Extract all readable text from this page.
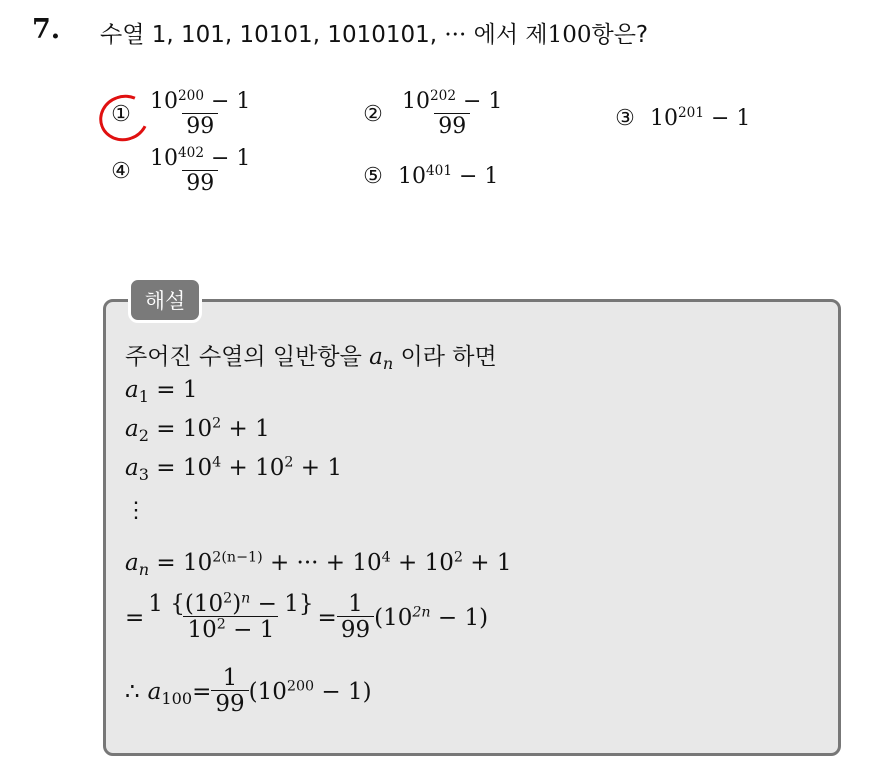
7. 수열 1, 101, 10101, 1010101, ··· 에서 제100항은?
① $\frac{10^{200} - 1}{99}$	② $\frac{10^{202} - 1}{99}$	③ $10^{201} - 1$
④ $\frac{10^{402} - 1}{99}$	⑤ $10^{401} - 1$
해설
주어진 수열의 일반항을 $a_n$ 이라 하면
$a_1 = 1$
$a_2 = 10^2 + 1$
$a_3 = 10^4 + 10^2 + 1$
⋮
$a_n = 10^{2(n-1)}$ + ··· + $10^4 + 10^2 + 1$
= $\frac{1 \{(10^2)^n - 1\}}{10^2 - 1} = \frac{1}{99} (10^{2n} - 1)$
∴ $a_{100} = \frac{1}{99} (10^{200} - 1)$
